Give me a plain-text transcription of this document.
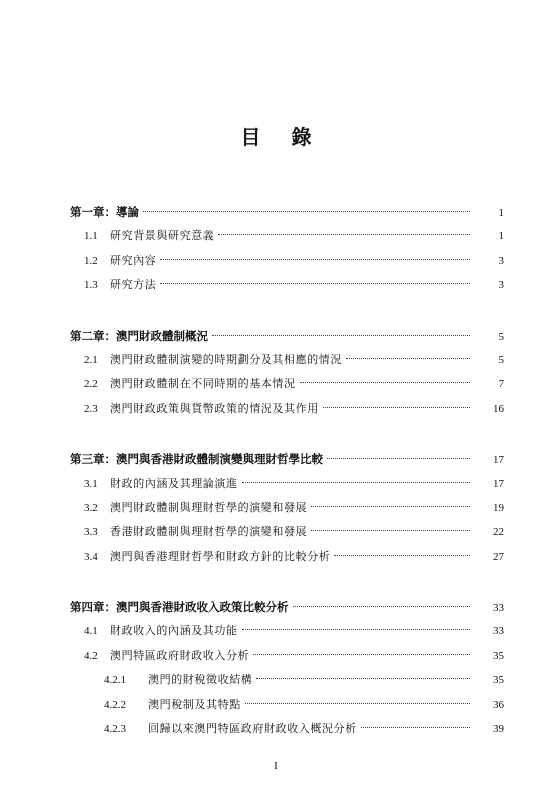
目 錄
第一章：導論	1
1.1	研究背景與研究意義	1
1.2	研究內容	3
1.3	研究方法	3
第二章：澳門財政體制概況	5
2.1	澳門財政體制演變的時期劃分及其相應的情況	5
2.2	澳門財政體制在不同時期的基本情況	7
2.3	澳門財政政策與貨幣政策的情況及其作用	16
第三章：澳門與香港財政體制演變與理財哲學比較	17
3.1	財政的內涵及其理論演進	17
3.2	澳門財政體制與理財哲學的演變和發展	19
3.3	香港財政體制與理財哲學的演變和發展	22
3.4	澳門與香港理財哲學和財政方針的比較分析	27
第四章：澳門與香港財政收入政策比較分析	33
4.1	財政收入的內涵及其功能	33
4.2	澳門特區政府財政收入分析	35
4.2.1	澳門的財稅徵收結構	35
4.2.2	澳門稅制及其特點	36
4.2.3	回歸以來澳門特區政府財政收入概況分析	39
I
